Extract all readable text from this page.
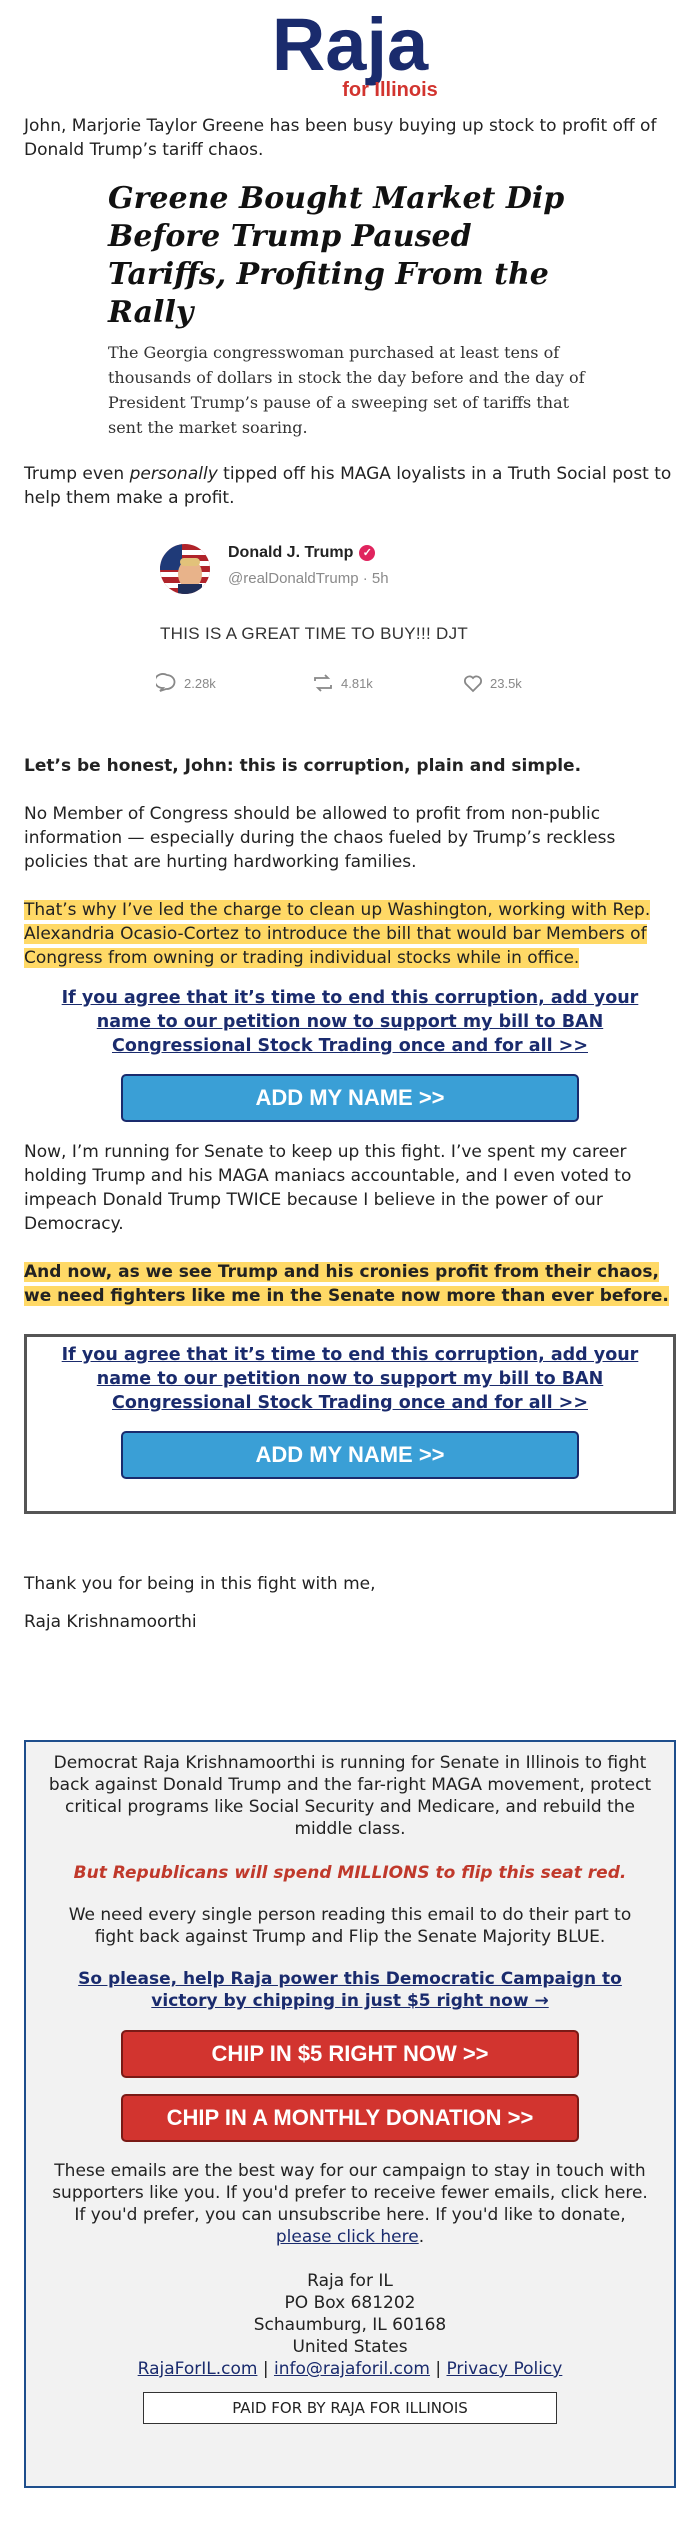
Raja
for Illinois

John, Marjorie Taylor Greene has been busy buying up stock to profit off of Donald Trump’s tariff chaos.

Greene Bought Market Dip Before Trump Paused Tariffs, Profiting From the Rally
The Georgia congresswoman purchased at least tens of thousands of dollars in stock the day before and the day of President Trump’s pause of a sweeping set of tariffs that sent the market soaring.

Trump even personally tipped off his MAGA loyalists in a Truth Social post to help them make a profit.

Donald J. Trump ✓
@realDonaldTrump · 5h
THIS IS A GREAT TIME TO BUY!!! DJT
2.28k	4.81k	23.5k

Let’s be honest, John: this is corruption, plain and simple.

No Member of Congress should be allowed to profit from non-public information — especially during the chaos fueled by Trump’s reckless policies that are hurting hardworking families.

That’s why I’ve led the charge to clean up Washington, working with Rep. Alexandria Ocasio-Cortez to introduce the bill that would bar Members of Congress from owning or trading individual stocks while in office.

If you agree that it’s time to end this corruption, add your name to our petition now to support my bill to BAN Congressional Stock Trading once and for all >>
ADD MY NAME >>

Now, I’m running for Senate to keep up this fight. I’ve spent my career holding Trump and his MAGA maniacs accountable, and I even voted to impeach Donald Trump TWICE because I believe in the power of our Democracy.

And now, as we see Trump and his cronies profit from their chaos, we need fighters like me in the Senate now more than ever before.

If you agree that it’s time to end this corruption, add your name to our petition now to support my bill to BAN Congressional Stock Trading once and for all >>
ADD MY NAME >>

Thank you for being in this fight with me,

Raja Krishnamoorthi

Democrat Raja Krishnamoorthi is running for Senate in Illinois to fight back against Donald Trump and the far-right MAGA movement, protect critical programs like Social Security and Medicare, and rebuild the middle class.
But Republicans will spend MILLIONS to flip this seat red.
We need every single person reading this email to do their part to fight back against Trump and Flip the Senate Majority BLUE.
So please, help Raja power this Democratic Campaign to victory by chipping in just $5 right now →
CHIP IN $5 RIGHT NOW >>
CHIP IN A MONTHLY DONATION >>
These emails are the best way for our campaign to stay in touch with supporters like you. If you'd prefer to receive fewer emails, click here. If you'd prefer, you can unsubscribe here. If you'd like to donate, please click here.
Raja for IL
PO Box 681202
Schaumburg, IL 60168
United States
RajaForIL.com | info@rajaforil.com | Privacy Policy
PAID FOR BY RAJA FOR ILLINOIS
